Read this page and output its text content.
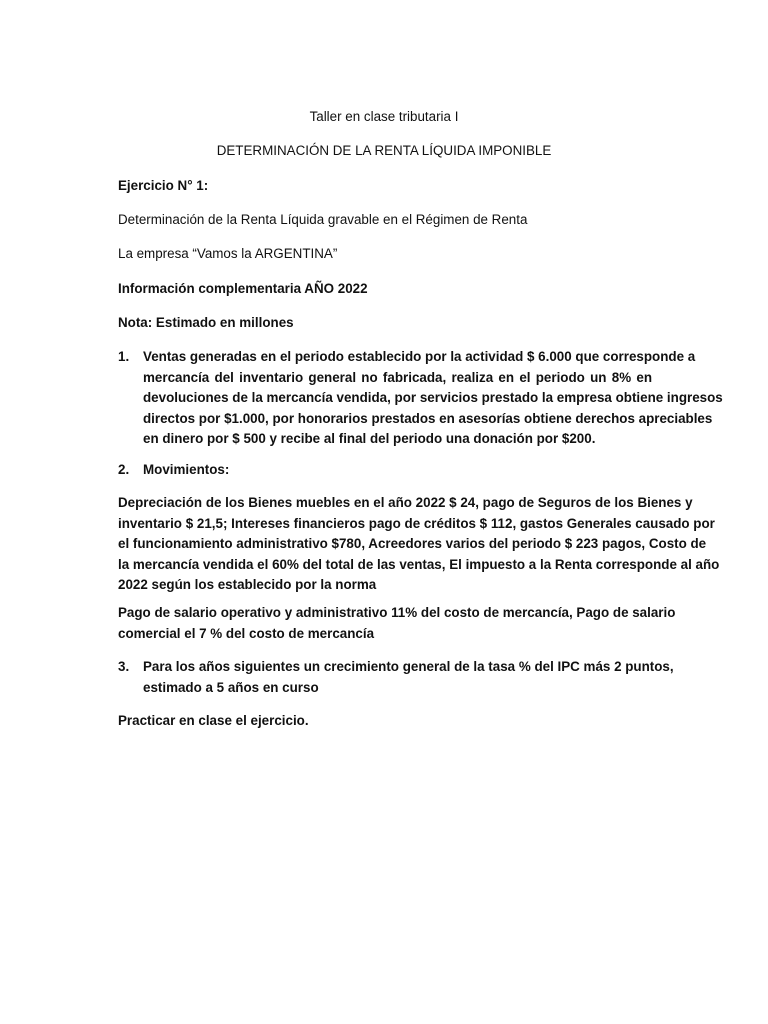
Taller en clase tributaria I
DETERMINACIÓN DE LA RENTA LÍQUIDA IMPONIBLE
Ejercicio N° 1:
Determinación de la Renta Líquida gravable en el Régimen de Renta
La empresa “Vamos la ARGENTINA”
Información complementaria AÑO 2022
Nota: Estimado en millones
1. Ventas generadas en el periodo establecido por la actividad $ 6.000 que corresponde a
mercancía del inventario general no fabricada, realiza en el periodo un 8% en
devoluciones de la mercancía vendida, por servicios prestado la empresa obtiene ingresos
directos por $1.000, por honorarios prestados en asesorías obtiene derechos apreciables
en dinero por $ 500 y recibe al final del periodo una donación por $200.
2. Movimientos:
Depreciación de los Bienes muebles en el año 2022 $ 24, pago de Seguros de los Bienes y
inventario $ 21,5; Intereses financieros pago de créditos $ 112, gastos Generales causado por
el funcionamiento administrativo $780, Acreedores varios del periodo $ 223 pagos, Costo de
la mercancía vendida el 60% del total de las ventas, El impuesto a la Renta corresponde al año
2022 según los establecido por la norma
Pago de salario operativo y administrativo 11% del costo de mercancía, Pago de salario
comercial el 7 % del costo de mercancía
3. Para los años siguientes un crecimiento general de la tasa % del IPC más 2 puntos,
estimado a 5 años en curso
Practicar en clase el ejercicio.
